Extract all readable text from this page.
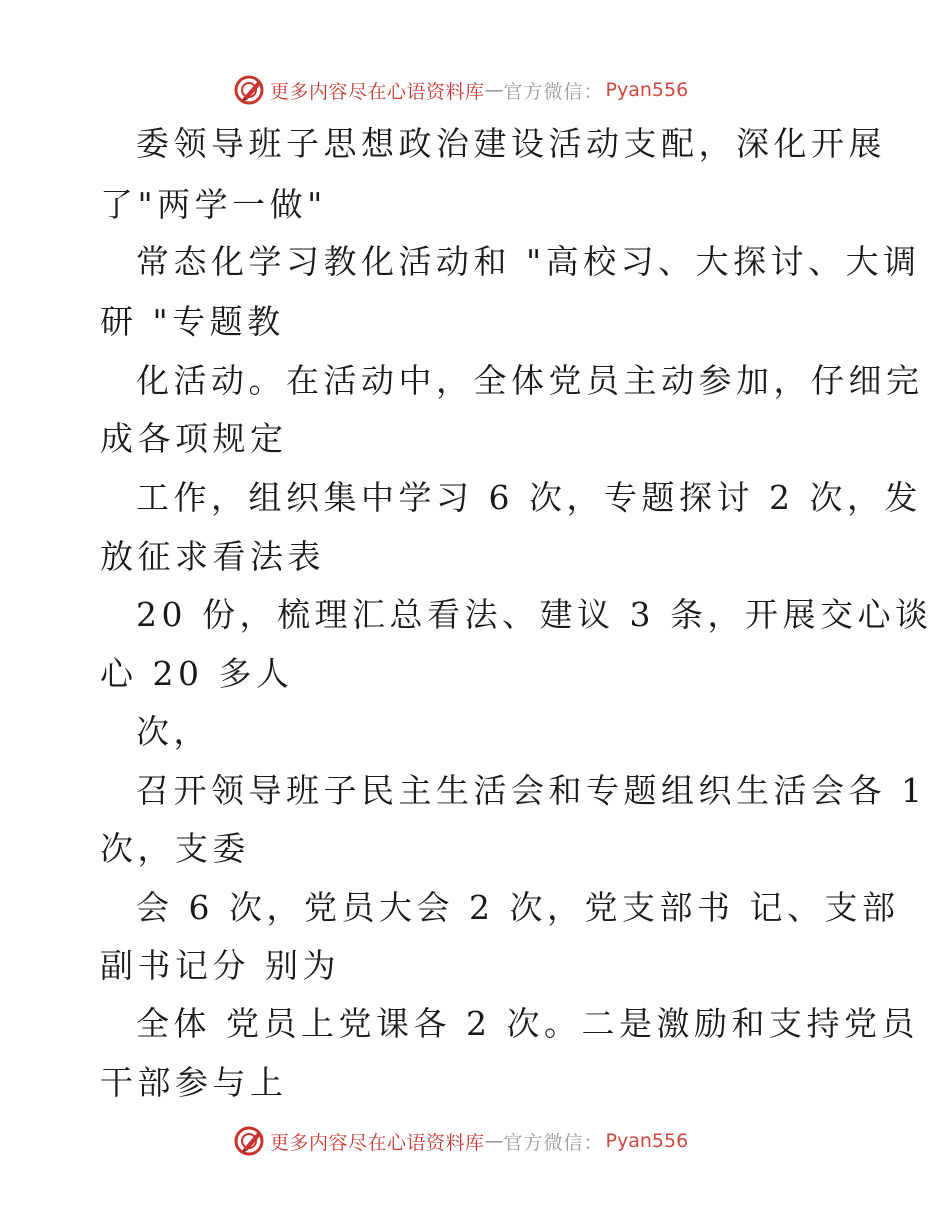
更多内容尽在心语资料库 — 官方微信： Pyan556
委领导班子思想政治建设活动支配，深化开展
了"两学一做"
常态化学习教化活动和 "高校习、大探讨、大调
研 "专题教
化活动。在活动中，全体党员主动参加，仔细完
成各项规定
工作，组织集中学习 6 次，专题探讨 2 次，发
放征求看法表
20 份，梳理汇总看法、建议 3 条，开展交心谈
心 20 多人
次，
召开领导班子民主生活会和专题组织生活会各 1
次，支委
会 6 次，党员大会 2 次，党支部书 记、支部
副书记分 别为
全体 党员上党课各 2 次。二是激励和支持党员
干部参与上
更多内容尽在心语资料库 — 官方微信： Pyan556
